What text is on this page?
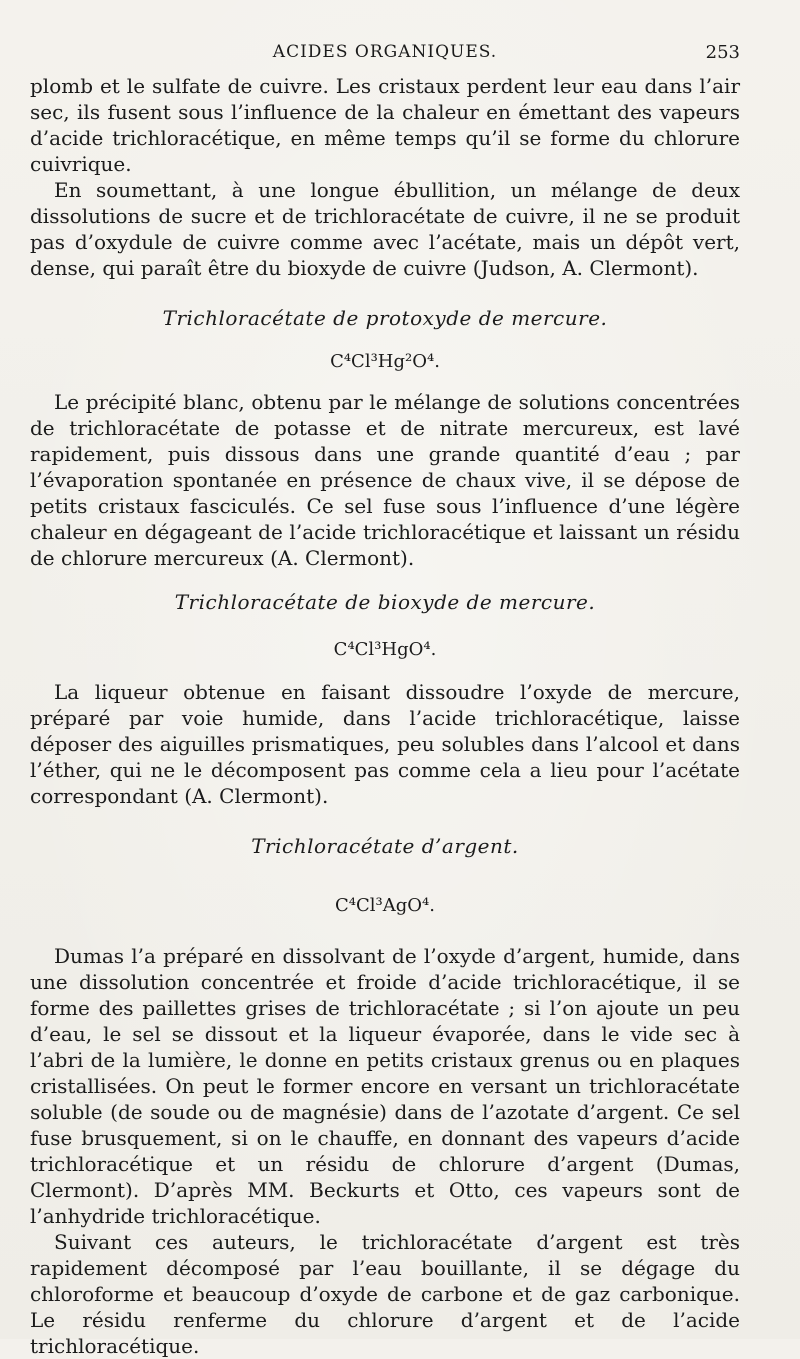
ACIDES ORGANIQUES.	253

plomb et le sulfate de cuivre. Les cristaux perdent leur eau dans l’air sec, ils fusent sous l’influence de la chaleur en émettant des vapeurs d’acide trichloracétique, en même temps qu’il se forme du chlorure cuivrique.

En soumettant, à une longue ébullition, un mélange de deux dissolutions de sucre et de trichloracétate de cuivre, il ne se produit pas d’oxydule de cuivre comme avec l’acétate, mais un dépôt vert, dense, qui paraît être du bioxyde de cuivre (Judson, A. Clermont).

Trichloracétate de protoxyde de mercure.
C⁴Cl³Hg²O⁴.

Le précipité blanc, obtenu par le mélange de solutions concentrées de trichloracétate de potasse et de nitrate mercureux, est lavé rapidement, puis dissous dans une grande quantité d’eau ; par l’évaporation spontanée en présence de chaux vive, il se dépose de petits cristaux fasciculés. Ce sel fuse sous l’influence d’une légère chaleur en dégageant de l’acide trichloracétique et laissant un résidu de chlorure mercureux (A. Clermont).

Trichloracétate de bioxyde de mercure.
C⁴Cl³HgO⁴.

La liqueur obtenue en faisant dissoudre l’oxyde de mercure, préparé par voie humide, dans l’acide trichloracétique, laisse déposer des aiguilles prismatiques, peu solubles dans l’alcool et dans l’éther, qui ne le décomposent pas comme cela a lieu pour l’acétate correspondant (A. Clermont).

Trichloracétate d’argent.
C⁴Cl³AgO⁴.

Dumas l’a préparé en dissolvant de l’oxyde d’argent, humide, dans une dissolution concentrée et froide d’acide trichloracétique, il se forme des paillettes grises de trichloracétate ; si l’on ajoute un peu d’eau, le sel se dissout et la liqueur évaporée, dans le vide sec à l’abri de la lumière, le donne en petits cristaux grenus ou en plaques cristallisées. On peut le former encore en versant un trichloracétate soluble (de soude ou de magnésie) dans de l’azotate d’argent. Ce sel fuse brusquement, si on le chauffe, en donnant des vapeurs d’acide trichloracétique et un résidu de chlorure d’argent (Dumas, Clermont). D’après MM. Beckurts et Otto, ces vapeurs sont de l’anhydride trichloracétique.

Suivant ces auteurs, le trichloracétate d’argent est très rapidement décomposé par l’eau bouillante, il se dégage du chloroforme et beaucoup d’oxyde de carbone et de gaz carbonique. Le résidu renferme du chlorure d’argent et de l’acide trichloracétique.
